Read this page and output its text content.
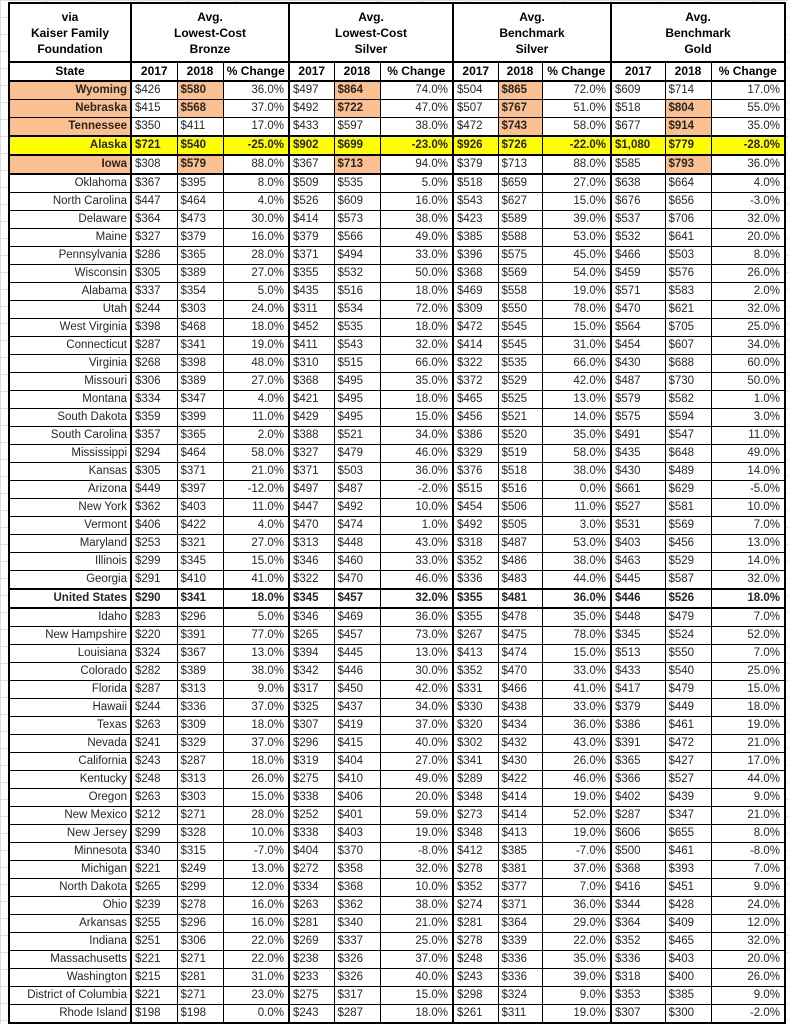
via
Kaiser Family
Foundation

Avg.
Lowest-Cost
Bronze

Avg.
Lowest-Cost
Silver

Avg.
Benchmark
Silver

Avg.
Benchmark
Gold

State	2017	2018	% Change	2017	2018	% Change	2017	2018	% Change	2017	2018	% Change
Wyoming	$426	$580	36.0%	$497	$864	74.0%	$504	$865	72.0%	$609	$714	17.0%
Nebraska	$415	$568	37.0%	$492	$722	47.0%	$507	$767	51.0%	$518	$804	55.0%
Tennessee	$350	$411	17.0%	$433	$597	38.0%	$472	$743	58.0%	$677	$914	35.0%
Alaska	$721	$540	-25.0%	$902	$699	-23.0%	$926	$726	-22.0%	$1,080	$779	-28.0%
Iowa	$308	$579	88.0%	$367	$713	94.0%	$379	$713	88.0%	$585	$793	36.0%
Oklahoma	$367	$395	8.0%	$509	$535	5.0%	$518	$659	27.0%	$638	$664	4.0%
North Carolina	$447	$464	4.0%	$526	$609	16.0%	$543	$627	15.0%	$676	$656	-3.0%
Delaware	$364	$473	30.0%	$414	$573	38.0%	$423	$589	39.0%	$537	$706	32.0%
Maine	$327	$379	16.0%	$379	$566	49.0%	$385	$588	53.0%	$532	$641	20.0%
Pennsylvania	$286	$365	28.0%	$371	$494	33.0%	$396	$575	45.0%	$466	$503	8.0%
Wisconsin	$305	$389	27.0%	$355	$532	50.0%	$368	$569	54.0%	$459	$576	26.0%
Alabama	$337	$354	5.0%	$435	$516	18.0%	$469	$558	19.0%	$571	$583	2.0%
Utah	$244	$303	24.0%	$311	$534	72.0%	$309	$550	78.0%	$470	$621	32.0%
West Virginia	$398	$468	18.0%	$452	$535	18.0%	$472	$545	15.0%	$564	$705	25.0%
Connecticut	$287	$341	19.0%	$411	$543	32.0%	$414	$545	31.0%	$454	$607	34.0%
Virginia	$268	$398	48.0%	$310	$515	66.0%	$322	$535	66.0%	$430	$688	60.0%
Missouri	$306	$389	27.0%	$368	$495	35.0%	$372	$529	42.0%	$487	$730	50.0%
Montana	$334	$347	4.0%	$421	$495	18.0%	$465	$525	13.0%	$579	$582	1.0%
South Dakota	$359	$399	11.0%	$429	$495	15.0%	$456	$521	14.0%	$575	$594	3.0%
South Carolina	$357	$365	2.0%	$388	$521	34.0%	$386	$520	35.0%	$491	$547	11.0%
Mississippi	$294	$464	58.0%	$327	$479	46.0%	$329	$519	58.0%	$435	$648	49.0%
Kansas	$305	$371	21.0%	$371	$503	36.0%	$376	$518	38.0%	$430	$489	14.0%
Arizona	$449	$397	-12.0%	$497	$487	-2.0%	$515	$516	0.0%	$661	$629	-5.0%
New York	$362	$403	11.0%	$447	$492	10.0%	$454	$506	11.0%	$527	$581	10.0%
Vermont	$406	$422	4.0%	$470	$474	1.0%	$492	$505	3.0%	$531	$569	7.0%
Maryland	$253	$321	27.0%	$313	$448	43.0%	$318	$487	53.0%	$403	$456	13.0%
Illinois	$299	$345	15.0%	$346	$460	33.0%	$352	$486	38.0%	$463	$529	14.0%
Georgia	$291	$410	41.0%	$322	$470	46.0%	$336	$483	44.0%	$445	$587	32.0%
United States	$290	$341	18.0%	$345	$457	32.0%	$355	$481	36.0%	$446	$526	18.0%
Idaho	$283	$296	5.0%	$346	$469	36.0%	$355	$478	35.0%	$448	$479	7.0%
New Hampshire	$220	$391	77.0%	$265	$457	73.0%	$267	$475	78.0%	$345	$524	52.0%
Louisiana	$324	$367	13.0%	$394	$445	13.0%	$413	$474	15.0%	$513	$550	7.0%
Colorado	$282	$389	38.0%	$342	$446	30.0%	$352	$470	33.0%	$433	$540	25.0%
Florida	$287	$313	9.0%	$317	$450	42.0%	$331	$466	41.0%	$417	$479	15.0%
Hawaii	$244	$336	37.0%	$325	$437	34.0%	$330	$438	33.0%	$379	$449	18.0%
Texas	$263	$309	18.0%	$307	$419	37.0%	$320	$434	36.0%	$386	$461	19.0%
Nevada	$241	$329	37.0%	$296	$415	40.0%	$302	$432	43.0%	$391	$472	21.0%
California	$243	$287	18.0%	$319	$404	27.0%	$341	$430	26.0%	$365	$427	17.0%
Kentucky	$248	$313	26.0%	$275	$410	49.0%	$289	$422	46.0%	$366	$527	44.0%
Oregon	$263	$303	15.0%	$338	$406	20.0%	$348	$414	19.0%	$402	$439	9.0%
New Mexico	$212	$271	28.0%	$252	$401	59.0%	$273	$414	52.0%	$287	$347	21.0%
New Jersey	$299	$328	10.0%	$338	$403	19.0%	$348	$413	19.0%	$606	$655	8.0%
Minnesota	$340	$315	-7.0%	$404	$370	-8.0%	$412	$385	-7.0%	$500	$461	-8.0%
Michigan	$221	$249	13.0%	$272	$358	32.0%	$278	$381	37.0%	$368	$393	7.0%
North Dakota	$265	$299	12.0%	$334	$368	10.0%	$352	$377	7.0%	$416	$451	9.0%
Ohio	$239	$278	16.0%	$263	$362	38.0%	$274	$371	36.0%	$344	$428	24.0%
Arkansas	$255	$296	16.0%	$281	$340	21.0%	$281	$364	29.0%	$364	$409	12.0%
Indiana	$251	$306	22.0%	$269	$337	25.0%	$278	$339	22.0%	$352	$465	32.0%
Massachusetts	$221	$271	22.0%	$238	$326	37.0%	$248	$336	35.0%	$336	$403	20.0%
Washington	$215	$281	31.0%	$233	$326	40.0%	$243	$336	39.0%	$318	$400	26.0%
District of Columbia	$221	$271	23.0%	$275	$317	15.0%	$298	$324	9.0%	$353	$385	9.0%
Rhode Island	$198	$198	0.0%	$243	$287	18.0%	$261	$311	19.0%	$307	$300	-2.0%
